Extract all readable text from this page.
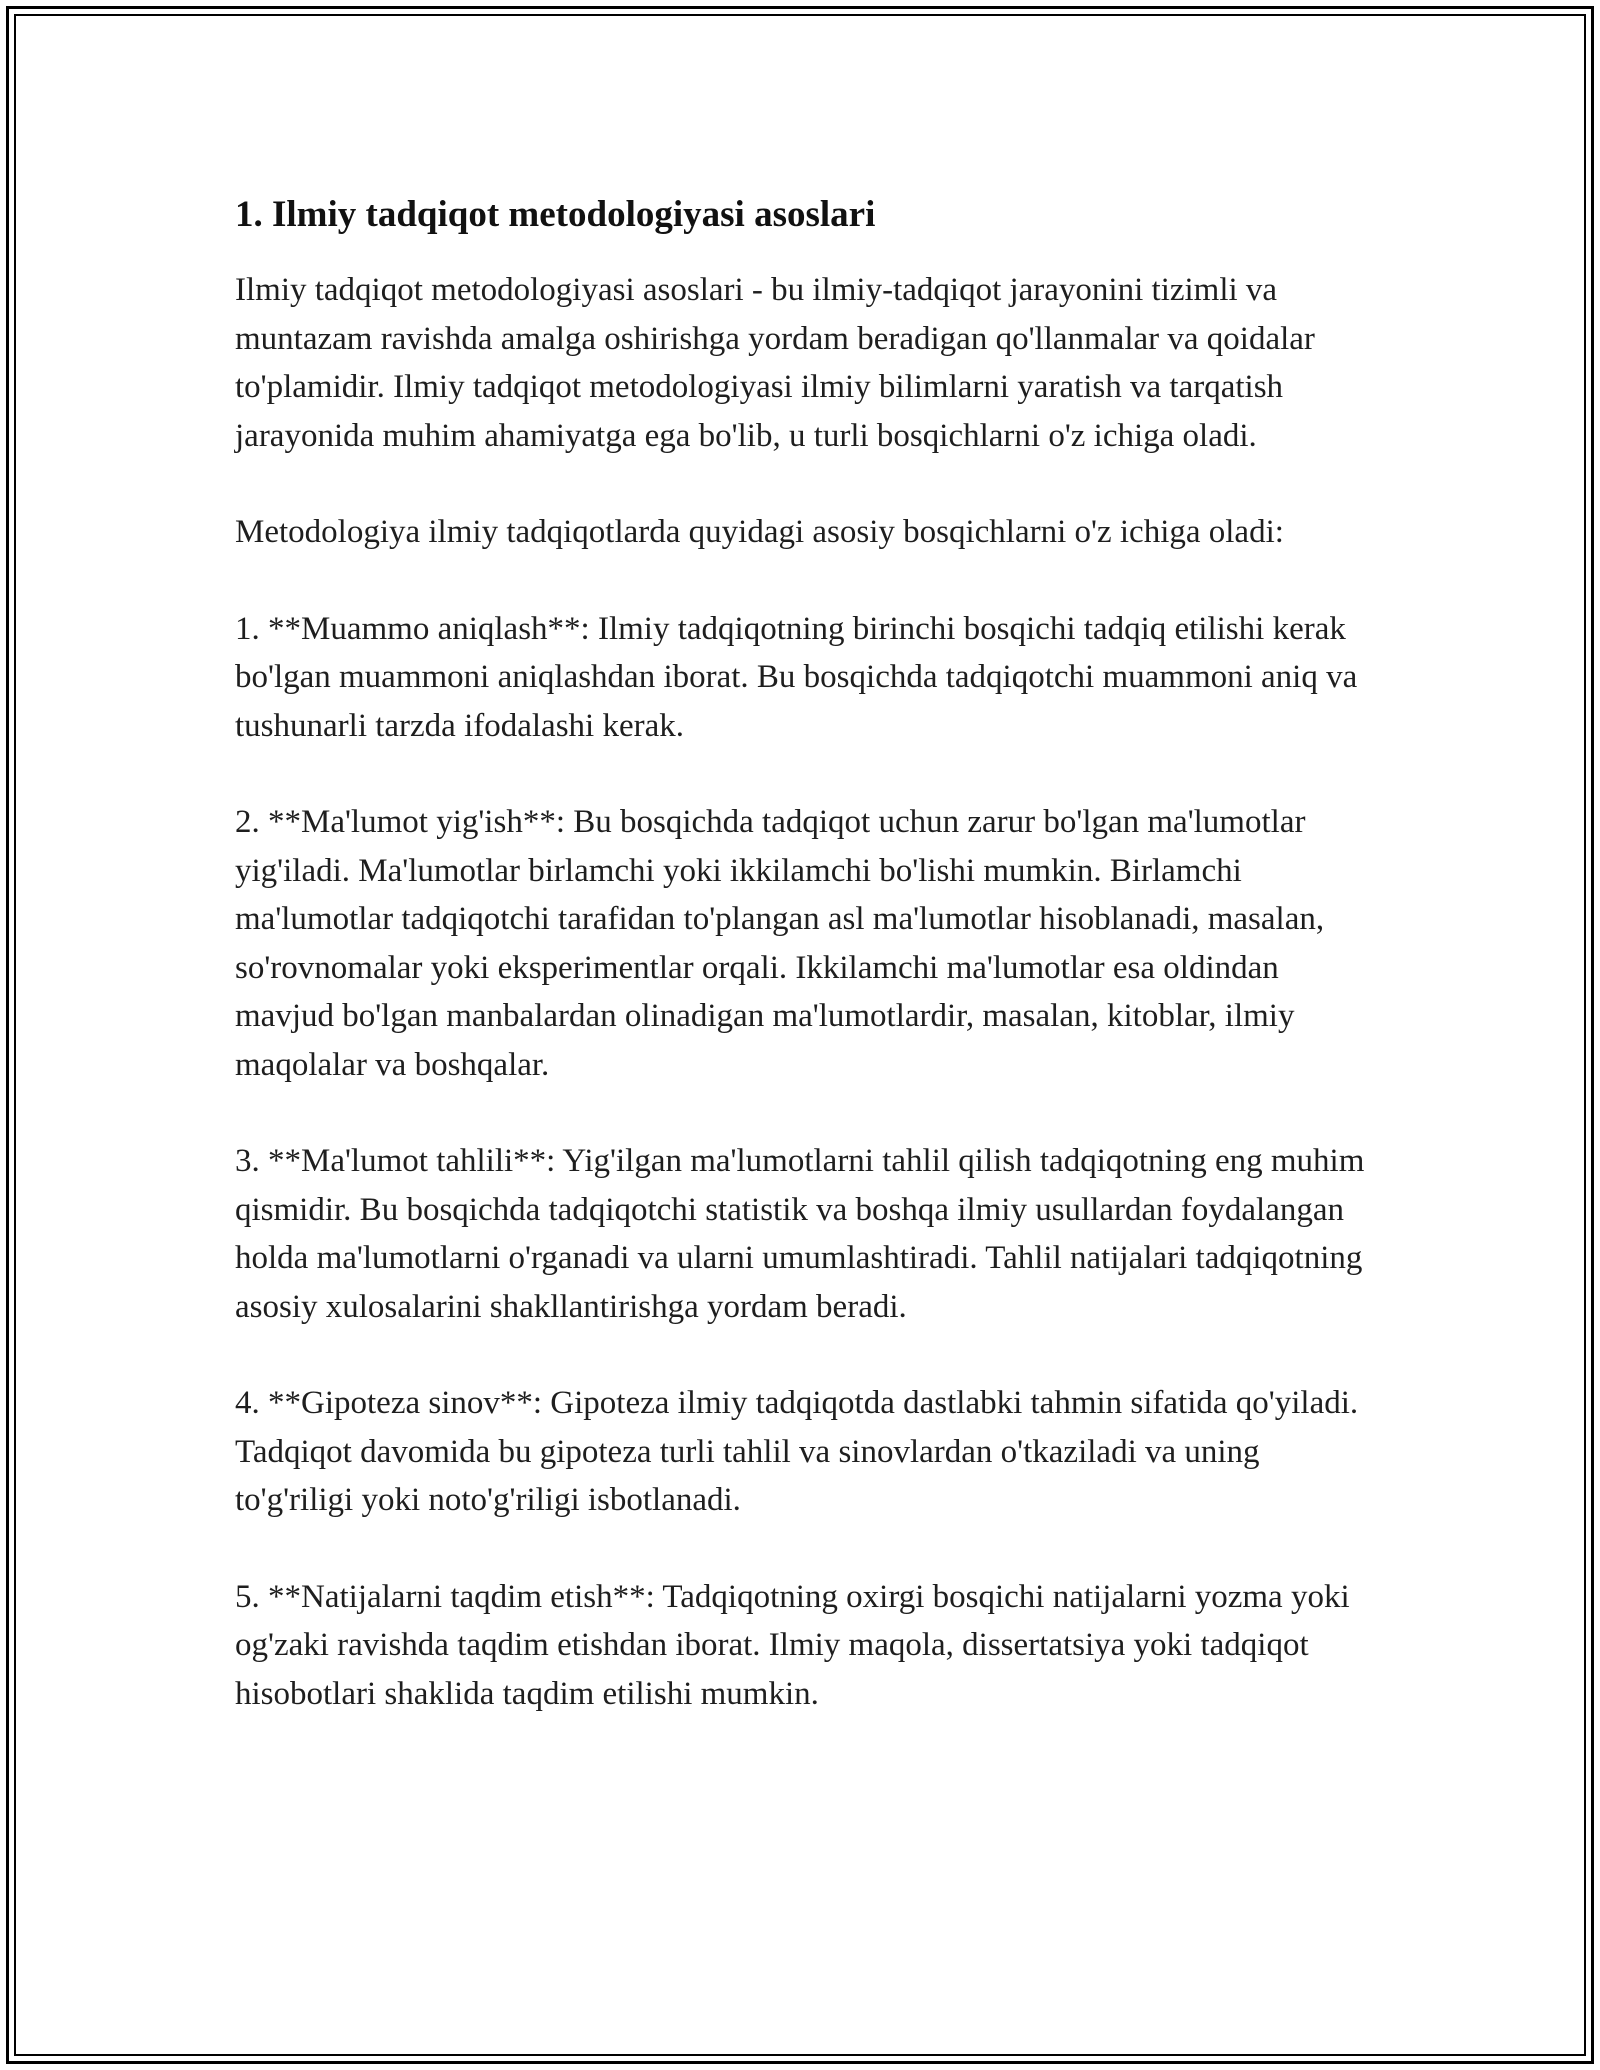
1. Ilmiy tadqiqot metodologiyasi asoslari

Ilmiy tadqiqot metodologiyasi asoslari - bu ilmiy-tadqiqot jarayonini tizimli va muntazam ravishda amalga oshirishga yordam beradigan qo'llanmalar va qoidalar to'plamidir. Ilmiy tadqiqot metodologiyasi ilmiy bilimlarni yaratish va tarqatish jarayonida muhim ahamiyatga ega bo'lib, u turli bosqichlarni o'z ichiga oladi.

Metodologiya ilmiy tadqiqotlarda quyidagi asosiy bosqichlarni o'z ichiga oladi:

1. **Muammo aniqlash**: Ilmiy tadqiqotning birinchi bosqichi tadqiq etilishi kerak bo'lgan muammoni aniqlashdan iborat. Bu bosqichda tadqiqotchi muammoni aniq va tushunarli tarzda ifodalashi kerak.

2. **Ma'lumot yig'ish**: Bu bosqichda tadqiqot uchun zarur bo'lgan ma'lumotlar yig'iladi. Ma'lumotlar birlamchi yoki ikkilamchi bo'lishi mumkin. Birlamchi ma'lumotlar tadqiqotchi tarafidan to'plangan asl ma'lumotlar hisoblanadi, masalan, so'rovnomalar yoki eksperimentlar orqali. Ikkilamchi ma'lumotlar esa oldindan mavjud bo'lgan manbalardan olinadigan ma'lumotlardir, masalan, kitoblar, ilmiy maqolalar va boshqalar.

3. **Ma'lumot tahlili**: Yig'ilgan ma'lumotlarni tahlil qilish tadqiqotning eng muhim qismidir. Bu bosqichda tadqiqotchi statistik va boshqa ilmiy usullardan foydalangan holda ma'lumotlarni o'rganadi va ularni umumlashtiradi. Tahlil natijalari tadqiqotning asosiy xulosalarini shakllantirishga yordam beradi.

4. **Gipoteza sinov**: Gipoteza ilmiy tadqiqotda dastlabki tahmin sifatida qo'yiladi. Tadqiqot davomida bu gipoteza turli tahlil va sinovlardan o'tkaziladi va uning to'g'riligi yoki noto'g'riligi isbotlanadi.

5. **Natijalarni taqdim etish**: Tadqiqotning oxirgi bosqichi natijalarni yozma yoki og'zaki ravishda taqdim etishdan iborat. Ilmiy maqola, dissertatsiya yoki tadqiqot hisobotlari shaklida taqdim etilishi mumkin.
